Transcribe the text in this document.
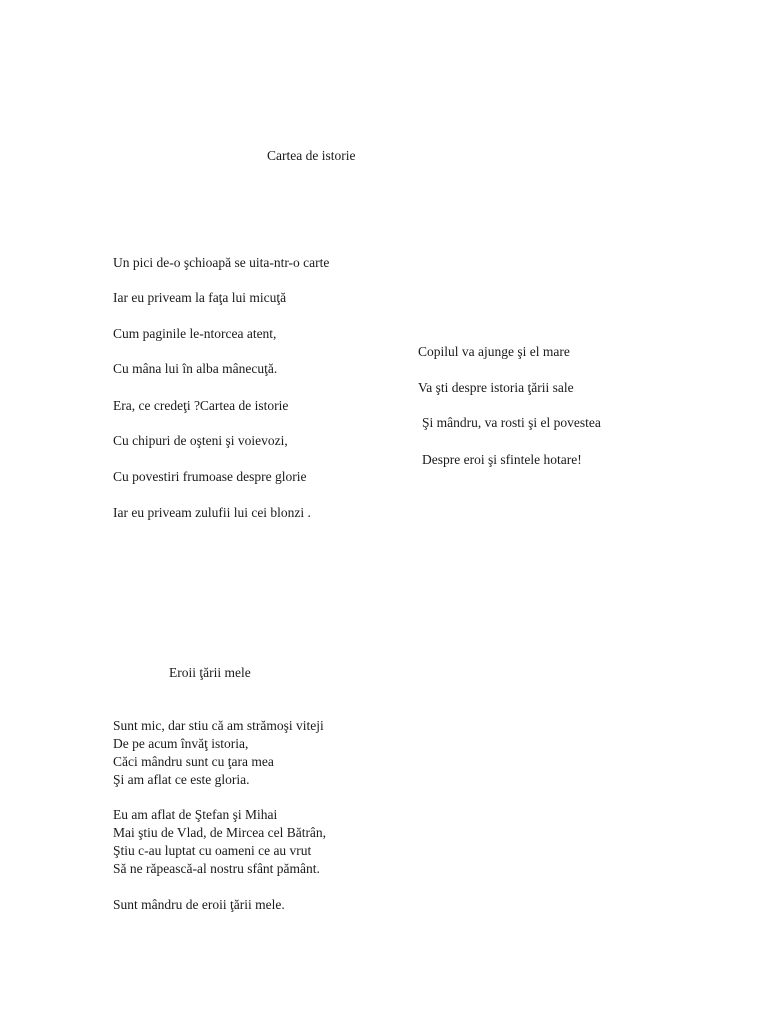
Cartea de istorie
Un pici de-o şchioapă se uita-ntr-o carte
Iar eu priveam la faţa lui micuţă
Cum paginile le-ntorcea atent,
Cu mâna lui în alba mânecuţă.
Era, ce credeţi ?Cartea de istorie
Cu chipuri de oşteni şi voievozi,
Cu povestiri frumoase despre glorie
Iar eu priveam zulufii lui cei blonzi .
Copilul va ajunge şi el mare
Va şti despre istoria ţării sale
Şi mândru, va rosti şi el povestea
Despre eroi şi sfintele hotare!
Eroii ţării mele
Sunt mic, dar stiu că am strămoşi viteji
De pe acum învăţ istoria,
Căci mândru sunt cu ţara mea
Şi am aflat ce este gloria.
Eu am aflat de Ştefan şi Mihai
Mai ştiu de Vlad, de Mircea cel Bătrân,
Ştiu c-au luptat cu oameni ce au vrut
Să ne răpească-al nostru sfânt pământ.
Sunt mândru de eroii ţării mele.
